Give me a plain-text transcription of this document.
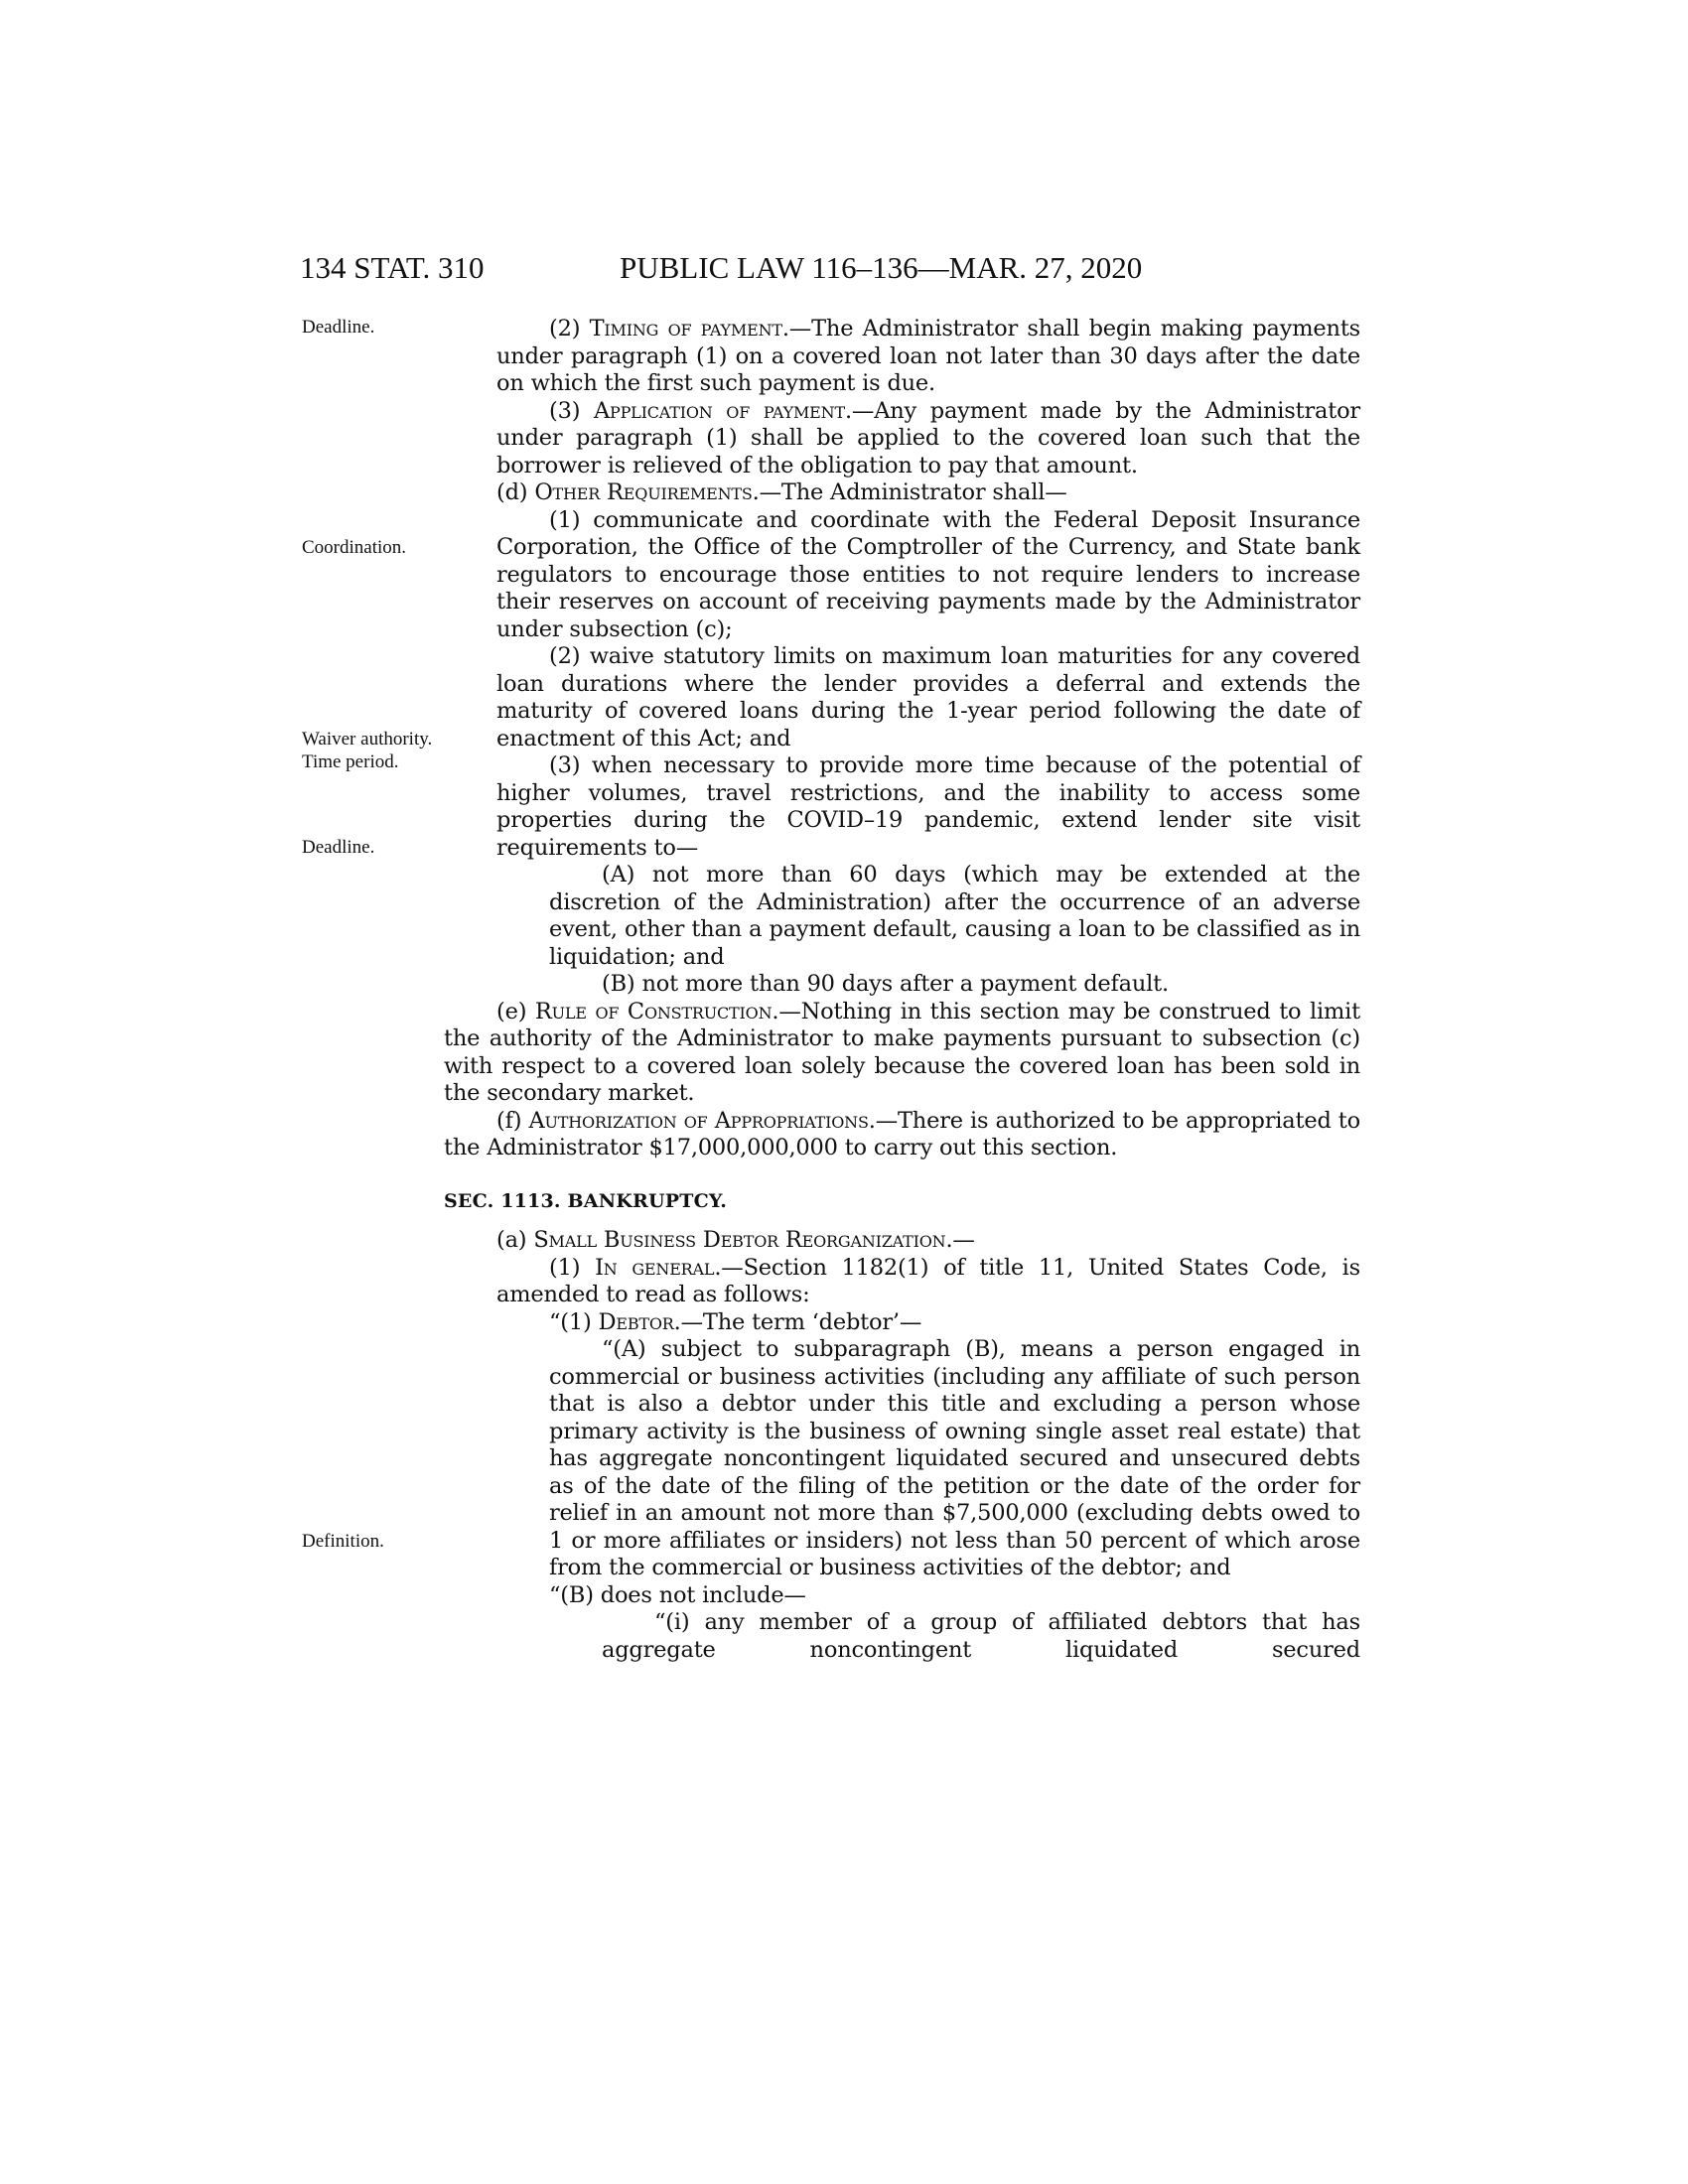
134 STAT. 310	PUBLIC LAW 116–136—MAR. 27, 2020
Deadline.
Coordination.
Waiver authority.
Time period.
Deadline.
Definition.

(2) Timing of payment.—The Administrator shall begin making payments under paragraph (1) on a covered loan not later than 30 days after the date on which the first such payment is due.

(3) Application of payment.—Any payment made by the Administrator under paragraph (1) shall be applied to the covered loan such that the borrower is relieved of the obligation to pay that amount.

(d) Other Requirements.—The Administrator shall—

(1) communicate and coordinate with the Federal Deposit Insurance Corporation, the Office of the Comptroller of the Currency, and State bank regulators to encourage those entities to not require lenders to increase their reserves on account of receiving payments made by the Administrator under subsection (c);

(2) waive statutory limits on maximum loan maturities for any covered loan durations where the lender provides a deferral and extends the maturity of covered loans during the 1-year period following the date of enactment of this Act; and

(3) when necessary to provide more time because of the potential of higher volumes, travel restrictions, and the inability to access some properties during the COVID–19 pandemic, extend lender site visit requirements to—

(A) not more than 60 days (which may be extended at the discretion of the Administration) after the occurrence of an adverse event, other than a payment default, causing a loan to be classified as in liquidation; and

(B) not more than 90 days after a payment default.

(e) Rule of Construction.—Nothing in this section may be construed to limit the authority of the Administrator to make payments pursuant to subsection (c) with respect to a covered loan solely because the covered loan has been sold in the secondary market.

(f) Authorization of Appropriations.—There is authorized to be appropriated to the Administrator $17,000,000,000 to carry out this section.

SEC. 1113. BANKRUPTCY.

(a) Small Business Debtor Reorganization.—

(1) In general.—Section 1182(1) of title 11, United States Code, is amended to read as follows:

“(1) Debtor.—The term ‘debtor’—

“(A) subject to subparagraph (B), means a person engaged in commercial or business activities (including any affiliate of such person that is also a debtor under this title and excluding a person whose primary activity is the business of owning single asset real estate) that has aggregate noncontingent liquidated secured and unsecured debts as of the date of the filing of the petition or the date of the order for relief in an amount not more than $7,500,000 (excluding debts owed to 1 or more affiliates or insiders) not less than 50 percent of which arose from the commercial or business activities of the debtor; and

“(B) does not include—

“(i) any member of a group of affiliated debtors that has aggregate noncontingent liquidated secured
